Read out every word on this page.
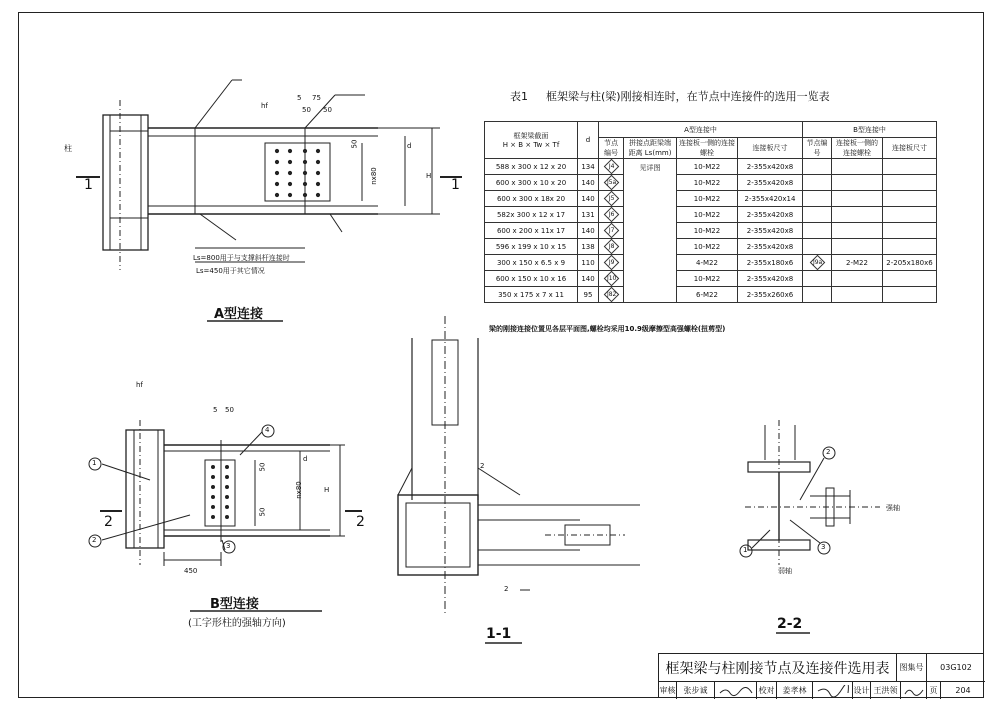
表1 框架梁与柱(梁)刚接相连时，在节点中连接件的选用一览表
框架梁截面
H × B × Tw × Tf	d	A型连接中				B型连接中		
		节点编号	拼接点距梁端距离 Ls(mm)	连接板一侧的连接螺栓	连接板尺寸	节点编号	连接板一侧的连接螺栓	连接板尺寸

588 x 300 x 12 x 20	134	J4	见详图	10-M22	2-355x420x8			
600 x 300 x 10 x 20	140	J5a		10-M22	2-355x420x8			
600 x 300 x 18x 20	140	J5		10-M22	2-355x420x14			
582x 300 x 12 x 17	131	J6		10-M22	2-355x420x8			
600 x 200 x 11x 17	140	J7		10-M22	2-355x420x8			
596 x 199 x 10 x 15	138	J8		10-M22	2-355x420x8			
300 x 150 x 6.5 x 9	110	J9		4-M22	2-355x180x6	J9a	2-M22	2-205x180x6
600 x 150 x 10 x 16	140	J10		10-M22	2-355x420x8			
350 x 175 x 7 x 11	95	J82		6-M22	2-355x260x6			
梁的刚接连接位置见各层平面图,螺栓均采用10.9级摩擦型高强螺栓(扭剪型)
柱
hf
5 75
50 50
50	d
nx80	H
Ls=800用于与支撑斜杆连接时
Ls=450用于其它情况
1	1
A型连接
hf
5 50
50
50
d
nx80	H
450
1
2
3
4
2	2
B型连接
(工字形柱的强轴方向)
1-1
2
2
2-2
强轴
弱轴
1
2
3
框架梁与柱刚接节点及连接件选用表	图集号	03G102
审核	张步诚	校对	姜孝林	设计 王洪领	页	204
